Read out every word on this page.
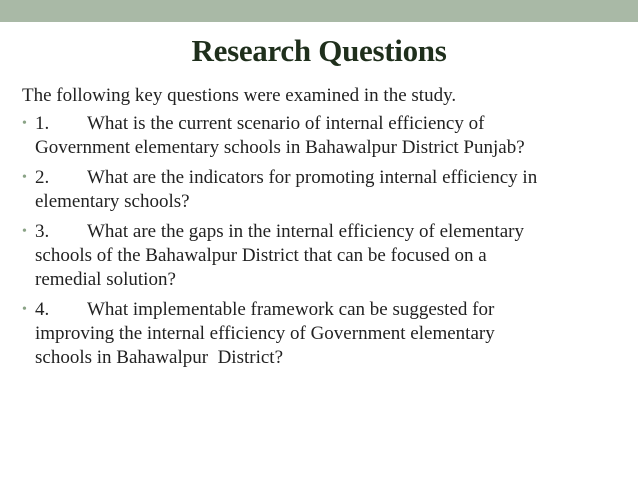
Research Questions
The following key questions were examined in the study.
• 1. What is the current scenario of internal efficiency of
Government elementary schools in Bahawalpur District Punjab?
• 2. What are the indicators for promoting internal efficiency in
elementary schools?
• 3. What are the gaps in the internal efficiency of elementary
schools of the Bahawalpur District that can be focused on a
remedial solution?
• 4. What implementable framework can be suggested for
improving the internal efficiency of Government elementary
schools in Bahawalpur  District?
